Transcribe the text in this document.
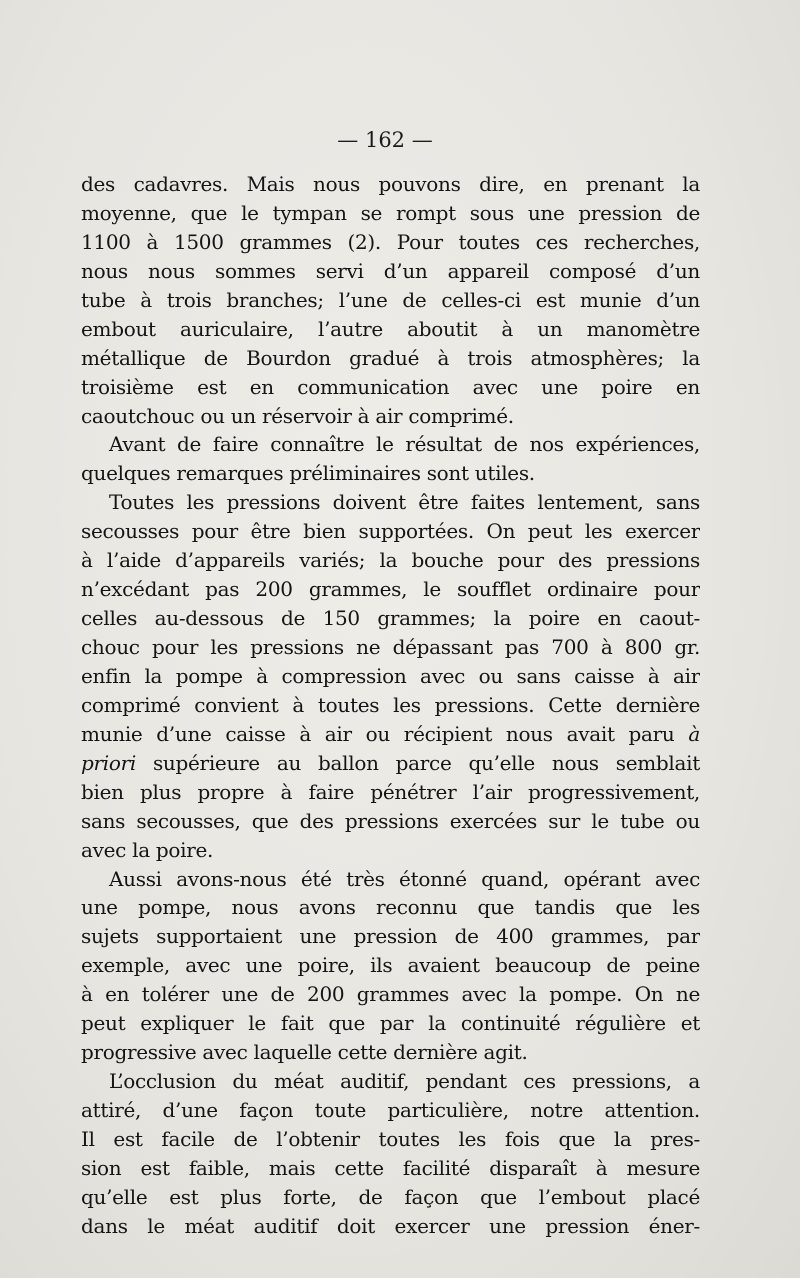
— 162 —
des cadavres. Mais nous pouvons dire, en prenant la
moyenne, que le tympan se rompt sous une pression de
1100 à 1500 grammes (2). Pour toutes ces recherches,
nous nous sommes servi d’un appareil composé d’un
tube à trois branches; l’une de celles-ci est munie d’un
embout auriculaire, l’autre aboutit à un manomètre
métallique de Bourdon gradué à trois atmosphères; la
troisième est en communication avec une poire en
caoutchouc ou un réservoir à air comprimé.
Avant de faire connaître le résultat de nos expériences,
quelques remarques préliminaires sont utiles.
Toutes les pressions doivent être faites lentement, sans
secousses pour être bien supportées. On peut les exercer
à l’aide d’appareils variés; la bouche pour des pressions
n’excédant pas 200 grammes, le soufflet ordinaire pour
celles au-dessous de 150 grammes; la poire en caout-
chouc pour les pressions ne dépassant pas 700 à 800 gr.
enfin la pompe à compression avec ou sans caisse à air
comprimé convient à toutes les pressions. Cette dernière
munie d’une caisse à air ou récipient nous avait paru à
priori supérieure au ballon parce qu’elle nous semblait
bien plus propre à faire pénétrer l’air progressivement,
sans secousses, que des pressions exercées sur le tube ou
avec la poire.
Aussi avons-nous été très étonné quand, opérant avec
une pompe, nous avons reconnu que tandis que les
sujets supportaient une pression de 400 grammes, par
exemple, avec une poire, ils avaient beaucoup de peine
à en tolérer une de 200 grammes avec la pompe. On ne
peut expliquer le fait que par la continuité régulière et
progressive avec laquelle cette dernière agit.
L’occlusion du méat auditif, pendant ces pressions, a
attiré, d’une façon toute particulière, notre attention.
Il est facile de l’obtenir toutes les fois que la pres-
sion est faible, mais cette facilité disparaît à mesure
qu’elle est plus forte, de façon que l’embout placé
dans le méat auditif doit exercer une pression éner-
